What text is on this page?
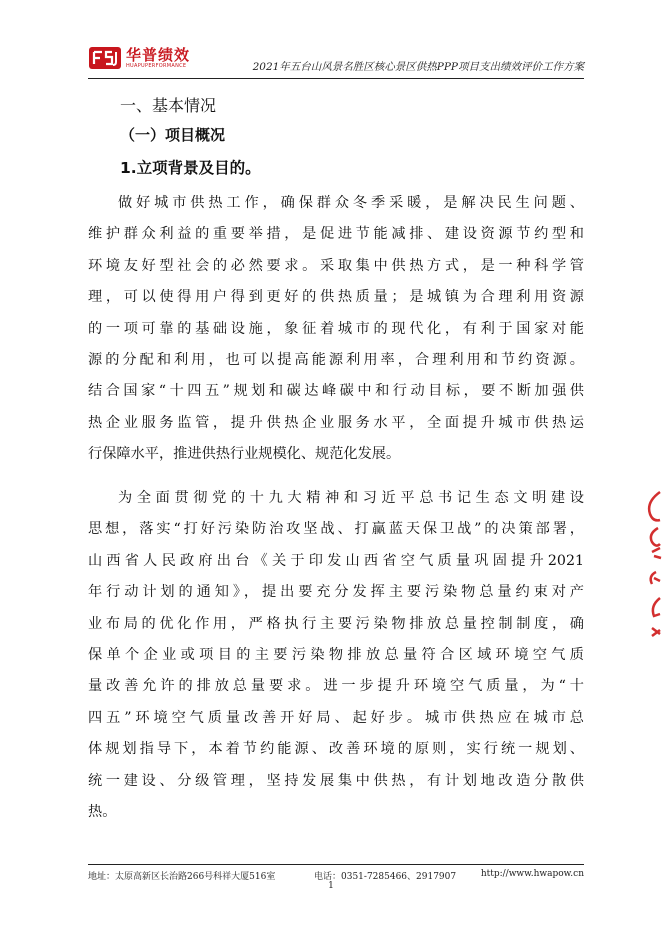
华普绩效
HUAPUPERFORMANCE	2021年五台山风景名胜区核心景区供热PPP项目支出绩效评价工作方案
一、基本情况
（一）项目概况
1.立项背景及目的。
做好城市供热工作，确保群众冬季采暖，是解决民生问题、
维护群众利益的重要举措，是促进节能减排、建设资源节约型和
环境友好型社会的必然要求。采取集中供热方式，是一种科学管
理，可以使得用户得到更好的供热质量；是城镇为合理利用资源
的一项可靠的基础设施，象征着城市的现代化，有利于国家对能
源的分配和利用，也可以提高能源利用率，合理利用和节约资源。
结合国家“十四五”规划和碳达峰碳中和行动目标，要不断加强供
热企业服务监管，提升供热企业服务水平，全面提升城市供热运
行保障水平，推进供热行业规模化、规范化发展。
为全面贯彻党的十九大精神和习近平总书记生态文明建设
思想，落实“打好污染防治攻坚战、打赢蓝天保卫战”的决策部署，
山西省人民政府出台《关于印发山西省空气质量巩固提升2021
年行动计划的通知》，提出要充分发挥主要污染物总量约束对产
业布局的优化作用，严格执行主要污染物排放总量控制制度，确
保单个企业或项目的主要污染物排放总量符合区域环境空气质
量改善允许的排放总量要求。进一步提升环境空气质量，为“十
四五”环境空气质量改善开好局、起好步。城市供热应在城市总
体规划指导下，本着节约能源、改善环境的原则，实行统一规划、
统一建设、分级管理，坚持发展集中供热，有计划地改造分散供
热。
地址：太原高新区长治路266号科祥大厦516室	电话：0351-7285466、2917907	http://www.hwapow.cn
1
